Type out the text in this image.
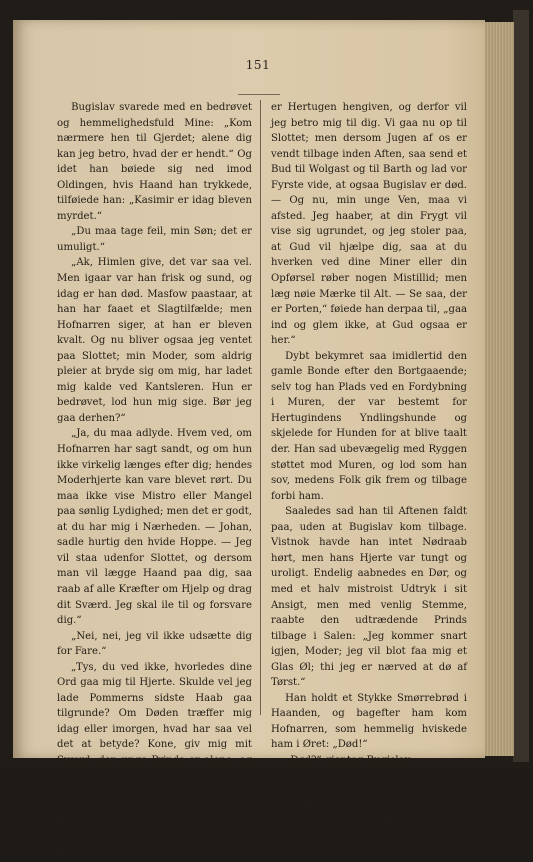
151

Bugislav svarede med en bedrøvet og hemmelighedsfuld Mine: „Kom nærmere hen til Gjerdet; alene dig kan jeg betro, hvad der er hendt.“ Og idet han bøiede sig ned imod Oldingen, hvis Haand han trykkede, tilføiede han: „Kasimir er idag bleven myrdet.“

„Du maa tage feil, min Søn; det er umuligt.“

„Ak, Himlen give, det var saa vel. Men igaar var han frisk og sund, og idag er han død. Masfow paastaar, at han har faaet et Slagtilfælde; men Hofnarren siger, at han er bleven kvalt. Og nu bliver ogsaa jeg ventet paa Slottet; min Moder, som aldrig pleier at bryde sig om mig, har ladet mig kalde ved Kantsleren. Hun er bedrøvet, lod hun mig sige. Bør jeg gaa derhen?“

„Ja, du maa adlyde. Hvem ved, om Hofnarren har sagt sandt, og om hun ikke virkelig længes efter dig; hendes Moderhjerte kan vare blevet rørt. Du maa ikke vise Mistro eller Mangel paa sønlig Lydighed; men det er godt, at du har mig i Nærheden. — Johan, sadle hurtig den hvide Hoppe. — Jeg vil staa udenfor Slottet, og dersom man vil lægge Haand paa dig, saa raab af alle Kræfter om Hjelp og drag dit Sværd. Jeg skal ile til og forsvare dig.“

„Nei, nei, jeg vil ikke udsætte dig for Fare.“

„Tys, du ved ikke, hvorledes dine Ord gaa mig til Hjerte. Skulde vel jeg lade Pommerns sidste Haab gaa tilgrunde? Om Døden træffer mig idag eller imorgen, hvad har saa vel det at betyde? Kone, giv mig mit Sværd; den unge Prinds er alene, og der er et farligt Bildsvin inde i Skoven.“

De begav sig nu hurtig afsted til Byen, og her henvendte Hans Lang sig til Vertshusholderen: „Jeg tror, at du

er Hertugen hengiven, og derfor vil jeg betro mig til dig. Vi gaa nu op til Slottet; men dersom Jugen af os er vendt tilbage inden Aften, saa send et Bud til Wolgast og til Barth og lad vor Fyrste vide, at ogsaa Bugislav er død. — Og nu, min unge Ven, maa vi afsted. Jeg haaber, at din Frygt vil vise sig ugrundet, og jeg stoler paa, at Gud vil hjælpe dig, saa at du hverken ved dine Miner eller din Opførsel røber nogen Mistillid; men læg nøie Mærke til Alt. — Se saa, der er Porten,“ føiede han derpaa til, „gaa ind og glem ikke, at Gud ogsaa er her.“

Dybt bekymret saa imidlertid den gamle Bonde efter den Bortgaaende; selv tog han Plads ved en Fordybning i Muren, der var bestemt for Hertugindens Yndlingshunde og skjelede for Hunden for at blive taalt der. Han sad ubevægelig med Ryggen støttet mod Muren, og lod som han sov, medens Folk gik frem og tilbage forbi ham.

Saaledes sad han til Aftenen faldt paa, uden at Bugislav kom tilbage. Vistnok havde han intet Nødraab hørt, men hans Hjerte var tungt og uroligt. Endelig aabnedes en Dør, og med et halv mistroist Udtryk i sit Ansigt, men med venlig Stemme, raabte den udtrædende Prinds tilbage i Salen: „Jeg kommer snart igjen, Moder; jeg vil blot faa mig et Glas Øl; thi jeg er nærved at dø af Tørst.“

Han holdt et Stykke Smørrebrød i Haanden, og bagefter ham kom Hofnarren, som hemmelig hviskede ham i Øret: „Død!“

„Død?“ gjentog Bugislav.

Narren hviskede endnu sagtere: „Spis ikke — det er forgiftet — fast det til Hunden.“

Bugislav adlød, og Narren vedblev:
